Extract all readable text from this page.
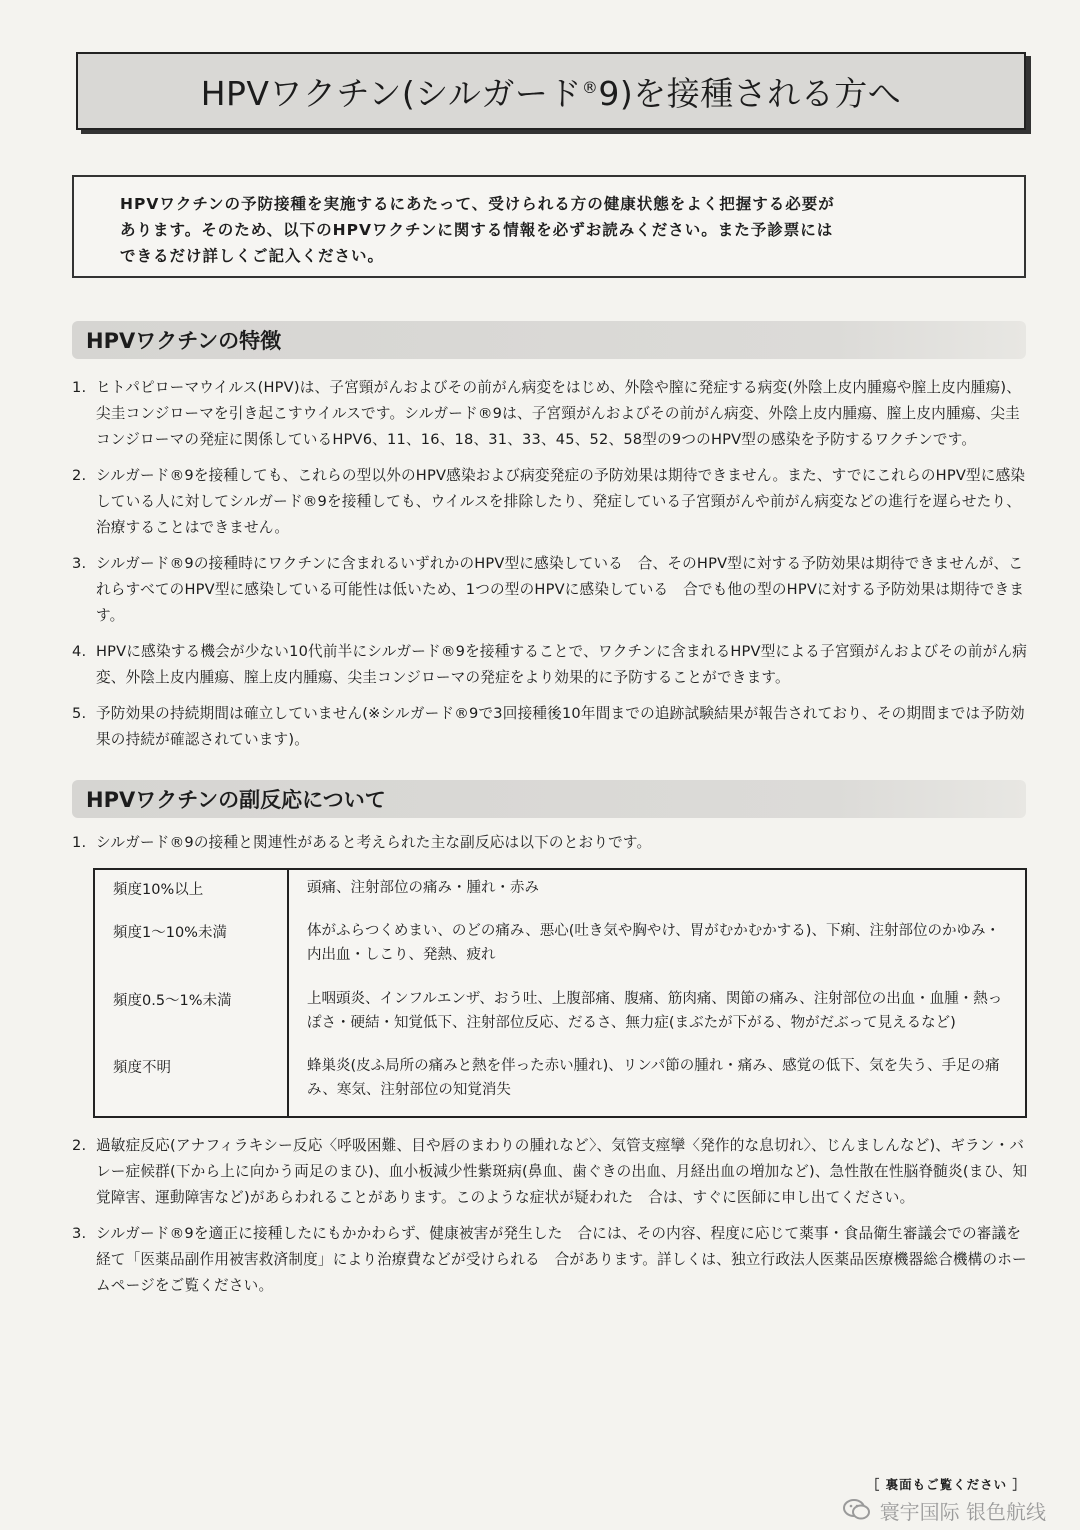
HPVワクチン(シルガード®9)を接種される方へ

HPVワクチンの予防接種を実施するにあたって、受けられる方の健康状態をよく把握する必要が

あります。そのため、以下のHPVワクチンに関する情報を必ずお読みください。また予診票には

できるだけ詳しくご記入ください。

HPVワクチンの特徴
1. ヒトパピローマウイルス(HPV)は、子宮頸がんおよびその前がん病変をはじめ、外陰や膣に発症する病変(外陰上皮内腫瘍や膣上皮内腫瘍)、尖圭コンジローマを引き起こすウイルスです。シルガード®9は、子宮頸がんおよびその前がん病変、外陰上皮内腫瘍、膣上皮内腫瘍、尖圭コンジローマの発症に関係しているHPV6、11、16、18、31、33、45、52、58型の9つのHPV型の感染を予防するワクチンです。
2. シルガード®9を接種しても、これらの型以外のHPV感染および病変発症の予防効果は期待できません。また、すでにこれらのHPV型に感染している人に対してシルガード®9を接種しても、ウイルスを排除したり、発症している子宮頸がんや前がん病変などの進行を遅らせたり、治療することはできません。
3. シルガード®9の接種時にワクチンに含まれるいずれかのHPV型に感染している　合、そのHPV型に対する予防効果は期待できませんが、これらすべてのHPV型に感染している可能性は低いため、1つの型のHPVに感染している　合でも他の型のHPVに対する予防効果は期待できます。
4. HPVに感染する機会が少ない10代前半にシルガード®9を接種することで、ワクチンに含まれるHPV型による子宮頸がんおよびその前がん病変、外陰上皮内腫瘍、膣上皮内腫瘍、尖圭コンジローマの発症をより効果的に予防することができます。
5. 予防効果の持続期間は確立していません(※シルガード®9で3回接種後10年間までの追跡試験結果が報告されており、その期間までは予防効果の持続が確認されています)。
HPVワクチンの副反応について
1. シルガード®9の接種と関連性があると考えられた主な副反応は以下のとおりです。
頻度10%以上	頭痛、注射部位の痛み・腫れ・赤み
頻度1～10%未満	体がふらつくめまい、のどの痛み、悪心(吐き気や胸やけ、胃がむかむかする)、下痢、注射部位のかゆみ・内出血・しこり、発熱、疲れ
頻度0.5～1%未満	上咽頭炎、インフルエンザ、おう吐、上腹部痛、腹痛、筋肉痛、関節の痛み、注射部位の出血・血腫・熱っぽさ・硬結・知覚低下、注射部位反応、だるさ、無力症(まぶたが下がる、物がだぶって見えるなど)
頻度不明	蜂巣炎(皮ふ局所の痛みと熱を伴った赤い腫れ)、リンパ節の腫れ・痛み、感覚の低下、気を失う、手足の痛み、寒気、注射部位の知覚消失
2. 過敏症反応(アナフィラキシー反応〈呼吸困難、目や唇のまわりの腫れなど〉、気管支痙攣〈発作的な息切れ〉、じんましんなど)、ギラン・バレー症候群(下から上に向かう両足のまひ)、血小板減少性紫斑病(鼻血、歯ぐきの出血、月経出血の増加など)、急性散在性脳脊髄炎(まひ、知覚障害、運動障害など)があらわれることがあります。このような症状が疑われた　合は、すぐに医師に申し出てください。
3. シルガード®9を適正に接種したにもかかわらず、健康被害が発生した　合には、その内容、程度に応じて薬事・食品衛生審議会での審議を経て「医薬品副作用被害救済制度」により治療費などが受けられる　合があります。詳しくは、独立行政法人医薬品医療機器総合機構のホームページをご覧ください。
［ 裏面もご覧ください ］
寰宇国际 银色航线
